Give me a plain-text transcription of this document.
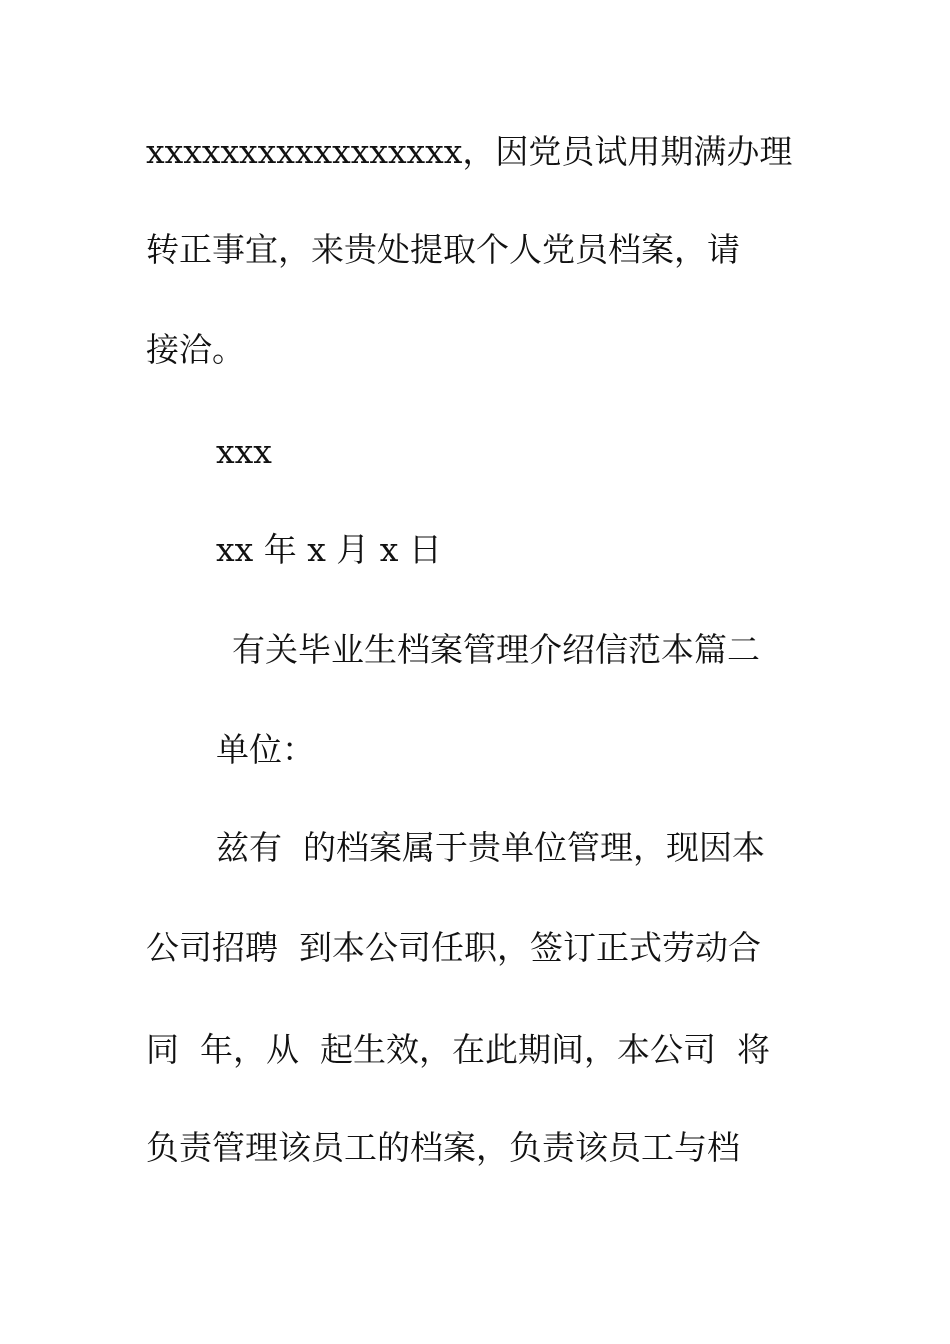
xxxxxxxxxxxxxxxxx，因党员试用期满办理
转正事宜，来贵处提取个人党员档案，请
接洽。
xxx
xx 年 x 月 x 日
有关毕业生档案管理介绍信范本篇二
单位：
兹有  的档案属于贵单位管理，现因本
公司招聘  到本公司任职，签订正式劳动合
同  年，从  起生效，在此期间，本公司  将
负责管理该员工的档案，负责该员工与档
